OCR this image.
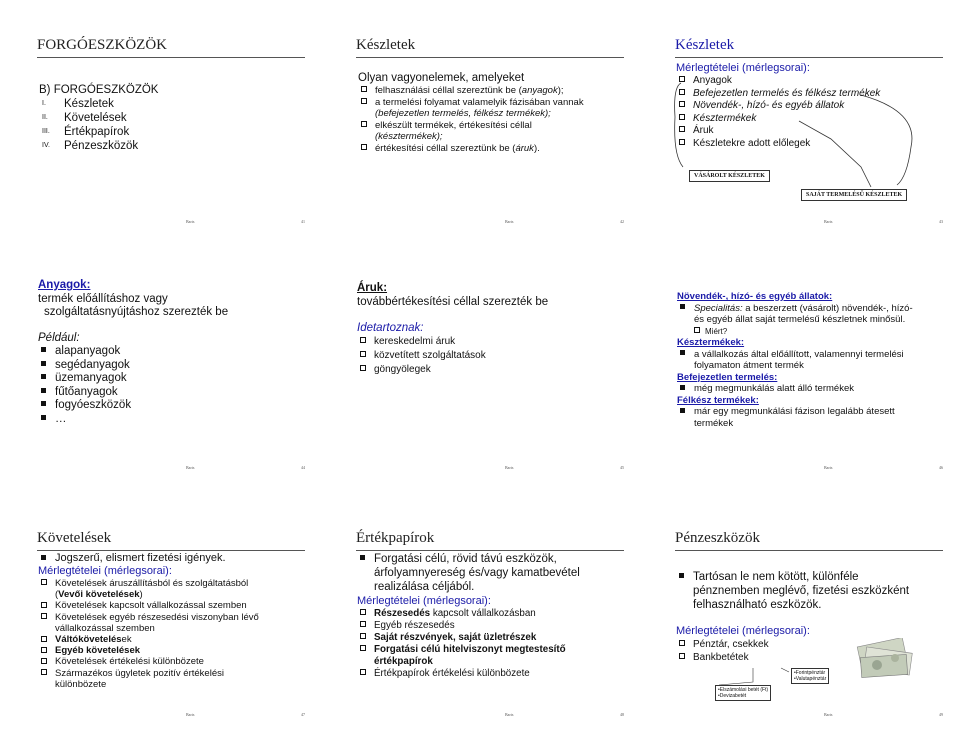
FORGÓESZKÖZÖK
B) FORGÓESZKÖZÖK
I. Készletek
II. Követelések
III. Értékpapírok
IV. Pénzeszközök
Barts	41
Készletek
Olyan vagyonelemek, amelyeket
felhasználási céllal szereztünk be (anyagok);
a termelési folyamat valamelyik fázisában vannak
(befejezetlen termelés, félkész termékek);
elkészült termékek, értékesítési céllal
(késztermékek);
értékesítési céllal szereztünk be (áruk).
Barts	42
Készletek
Mérlegtételei (mérlegsorai):
Anyagok
Befejezetlen termelés és félkész termékek
Növendék-, hízó- és egyéb állatok
Késztermékek
Áruk
Készletekre adott előlegek
VÁSÁROLT KÉSZLETEK
SAJÁT TERMELÉSŰ KÉSZLETEK
Barts	43
Anyagok:
termék előállításhoz vagy
szolgáltatásnyújtáshoz szerezték be
Például:
alapanyagok
segédanyagok
üzemanyagok
fűtőanyagok
fogyóeszközök
…
Barts	44
Áruk:
továbbértékesítési céllal szerezték be
Idetartoznak:
kereskedelmi áruk
közvetített szolgáltatások
göngyölegek
Barts	45
Növendék-, hízó- és egyéb állatok:
Specialitás: a beszerzett (vásárolt) növendék-, hízó-
és egyéb állat saját termelésű készletnek minősül.
Miért?
Késztermékek:
a vállalkozás által előállított, valamennyi termelési
folyamaton átment termék
Befejezetlen termelés:
még megmunkálás alatt álló termékek
Félkész termékek:
már egy megmunkálási fázison legalább átesett
termékek
Barts	46
Követelések
Jogszerű, elismert fizetési igények.
Mérlegtételei (mérlegsorai):
Követelések áruszállításból és szolgáltatásból
(Vevői követelések)
Követelések kapcsolt vállalkozással szemben
Követelések egyéb részesedési viszonyban lévő
vállalkozással szemben
Váltókövetelések
Egyéb követelések
Követelések értékelési különbözete
Származékos ügyletek pozitív értékelési
különbözete
Barts	47
Értékpapírok
Forgatási célú, rövid távú eszközök,
árfolyamnyereség és/vagy kamatbevétel
realizálása céljából.
Mérlegtételei (mérlegsorai):
Részesedés kapcsolt vállalkozásban
Egyéb részesedés
Saját részvények, saját üzletrészek
Forgatási célú hitelviszonyt megtestesítő
értékpapírok
Értékpapírok értékelési különbözete
Barts	48
Pénzeszközök
Tartósan le nem kötött, különféle
pénznemben meglévő, fizetési eszközként
felhasználható eszközök.
Mérlegtételei (mérlegsorai):
Pénztár, csekkek
Bankbetétek
•Forintpénztár
•Valutapénztár
•Elszámolási betét (Ft)
•Devizabetét
Barts	49
